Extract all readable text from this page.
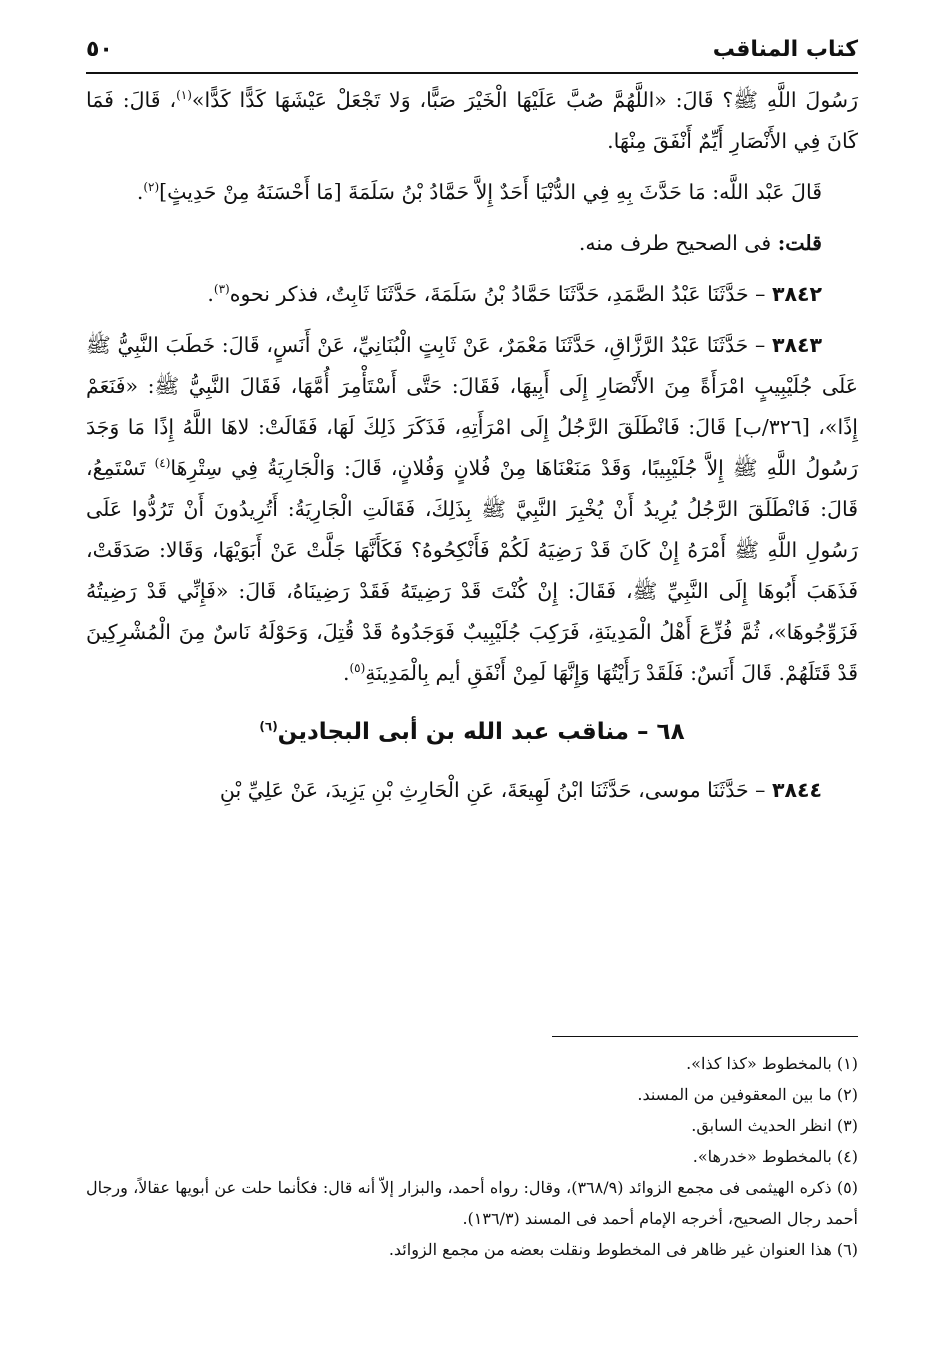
كتاب المناقب
٥٠

رَسُولَ اللَّهِ ﷺ؟ قَالَ: «اللَّهُمَّ صُبَّ عَلَيْهَا الْخَيْرَ صَبًّا، وَلا تَجْعَلْ عَيْشَهَا كَدًّا كَدًّا»$^{(١)}$، قَالَ: فَمَا كَانَ فِي الأَنْصَارِ أَيِّمٌ أَنْفَقَ مِنْهَا.

قَالَ عَبْد اللَّه: مَا حَدَّثَ بِهِ فِي الدُّنْيَا أَحَدٌ إِلاَّ حَمَّادُ بْنُ سَلَمَةَ [مَا أَحْسَنَهُ مِنْ حَدِيثٍ]$^{(٢)}$.

قلت: فى الصحيح طرف منه.

٣٨٤٢ – حَدَّثَنَا عَبْدُ الصَّمَدِ، حَدَّثَنَا حَمَّادُ بْنُ سَلَمَةَ، حَدَّثَنَا ثَابِتٌ، فذكر نحوه$^{(٣)}$.

٣٨٤٣ – حَدَّثَنَا عَبْدُ الرَّزَّاقِ، حَدَّثَنَا مَعْمَرٌ، عَنْ ثَابِتٍ الْبُنَانِيِّ، عَنْ أَنَسٍ، قَالَ: خَطَبَ النَّبِيُّ ﷺ عَلَى جُلَيْبِيبٍ امْرَأَةً مِنَ الأَنْصَارِ إِلَى أَبِيهَا، فَقَالَ: حَتَّى أَسْتَأْمِرَ أُمَّهَا، فَقَالَ النَّبِيُّ ﷺ: «فَنَعَمْ إِذًا»، [٣٢٦/ب] قَالَ: فَانْطَلَقَ الرَّجُلُ إِلَى امْرَأَتِهِ، فَذَكَرَ ذَلِكَ لَهَا، فَقَالَتْ: لاهَا اللَّهُ إِذًا مَا وَجَدَ رَسُولُ اللَّهِ ﷺ إِلاَّ جُلَيْبِيبًا، وَقَدْ مَنَعْنَاهَا مِنْ فُلانٍ وَفُلانٍ، قَالَ: وَالْجَارِيَةُ فِي سِتْرِهَا$^{(٤)}$ تَسْتَمِعُ، قَالَ: فَانْطَلَقَ الرَّجُلُ يُرِيدُ أَنْ يُخْبِرَ النَّبِيَّ ﷺ بِذَلِكَ، فَقَالَتِ الْجَارِيَةُ: أَتُرِيدُونَ أَنْ تَرُدُّوا عَلَى رَسُولِ اللَّهِ ﷺ أَمْرَهُ إِنْ كَانَ قَدْ رَضِيَهُ لَكُمْ فَأَنْكِحُوهُ؟ فَكَأَنَّهَا جَلَّتْ عَنْ أَبَوَيْهَا، وَقَالا: صَدَقَتْ، فَذَهَبَ أَبُوهَا إِلَى النَّبِيِّ ﷺ، فَقَالَ: إِنْ كُنْتَ قَدْ رَضِيتَهُ فَقَدْ رَضِينَاهُ، قَالَ: «فَإِنِّي قَدْ رَضِيتُهُ فَزَوِّجُوهَا»، ثُمَّ فُزِّعَ أَهْلُ الْمَدِينَةِ، فَرَكِبَ جُلَيْبِيبٌ فَوَجَدُوهُ قَدْ قُتِلَ، وَحَوْلَهُ نَاسٌ مِنَ الْمُشْرِكِينَ قَدْ قَتَلَهُمْ. قَالَ أَنَسٌ: فَلَقَدْ رَأَيْتُهَا وَإِنَّهَا لَمِنْ أَنْفَقِ أيم بِالْمَدِينَةِ$^{(٥)}$.

٦٨ – مناقب عبد الله بن أبى البجادين$^{(٦)}$

٣٨٤٤ – حَدَّثَنَا موسى، حَدَّثَنَا ابْنُ لَهِيعَةَ، عَنِ الْحَارِثِ بْنِ يَزِيدَ، عَنْ عَلِيِّ بْنِ

(١) بالمخطوط «كذا كذا».

(٢) ما بين المعقوفين من المسند.

(٣) انظر الحديث السابق.

(٤) بالمخطوط «خدرها».

(٥) ذكره الهيثمى فى مجمع الزوائد (٣٦٨/٩)، وقال: رواه أحمد، والبزار إلاّ أنه قال: فكأنما حلت عن أبويها عقالاً، ورجال أحمد رجال الصحيح، أخرجه الإمام أحمد فى المسند (١٣٦/٣).

(٦) هذا العنوان غير ظاهر فى المخطوط ونقلت بعضه من مجمع الزوائد.
